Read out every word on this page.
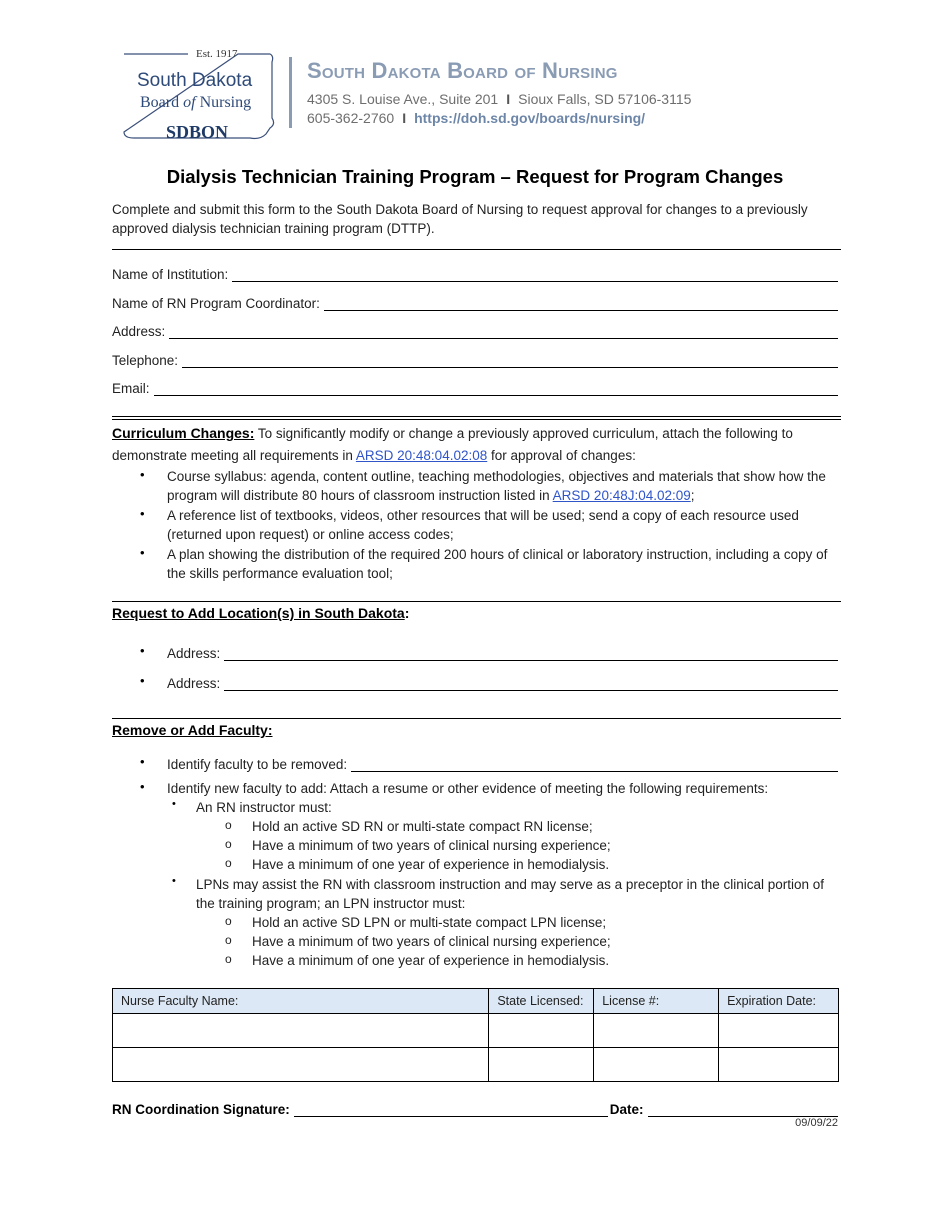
Est. 1917
South Dakota
Board of Nursing
SDBON
South Dakota Board of Nursing
4305 S. Louise Ave., Suite 201 I Sioux Falls, SD 57106-3115
605-362-2760 I https://doh.sd.gov/boards/nursing/
Dialysis Technician Training Program – Request for Program Changes
Complete and submit this form to the South Dakota Board of Nursing to request approval for changes to a previously approved dialysis technician training program (DTTP).
Name of Institution:
Name of RN Program Coordinator:
Address:
Telephone:
Email:
Curriculum Changes: To significantly modify or change a previously approved curriculum, attach the following to demonstrate meeting all requirements in ARSD 20:48:04.02:08 for approval of changes:
• Course syllabus: agenda, content outline, teaching methodologies, objectives and materials that show how the program will distribute 80 hours of classroom instruction listed in ARSD 20:48J:04.02:09;
• A reference list of textbooks, videos, other resources that will be used; send a copy of each resource used (returned upon request) or online access codes;
• A plan showing the distribution of the required 200 hours of clinical or laboratory instruction, including a copy of the skills performance evaluation tool;
Request to Add Location(s) in South Dakota:
• Address:
• Address:
Remove or Add Faculty:
• Identify faculty to be removed:
• Identify new faculty to add: Attach a resume or other evidence of meeting the following requirements:
• An RN instructor must:
o Hold an active SD RN or multi-state compact RN license;
o Have a minimum of two years of clinical nursing experience;
o Have a minimum of one year of experience in hemodialysis.
• LPNs may assist the RN with classroom instruction and may serve as a preceptor in the clinical portion of the training program; an LPN instructor must:
o Hold an active SD LPN or multi-state compact LPN license;
o Have a minimum of two years of clinical nursing experience;
o Have a minimum of one year of experience in hemodialysis.
Nurse Faculty Name:	State Licensed:	License #:	Expiration Date:

RN Coordination Signature:	Date:
09/09/22
